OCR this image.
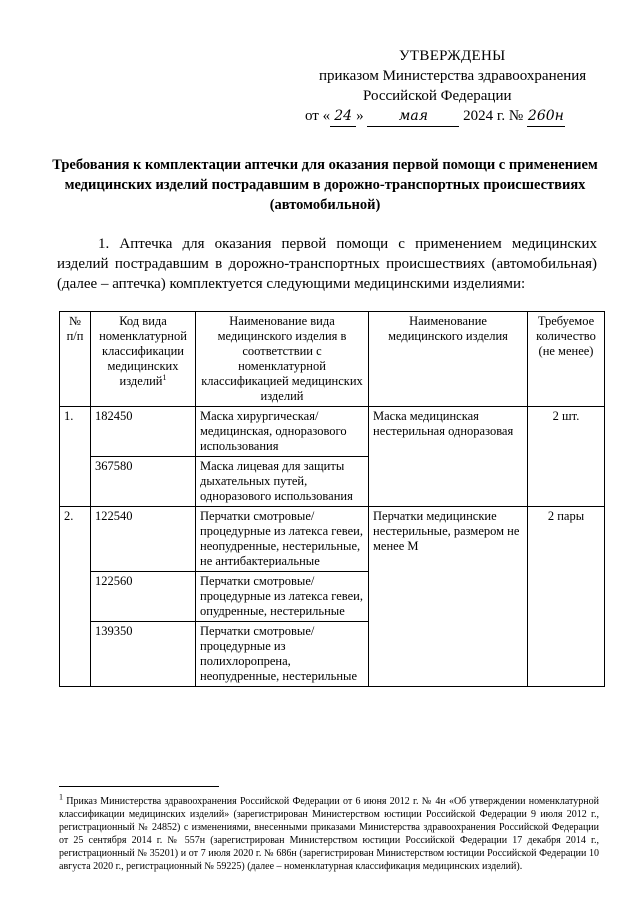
УТВЕРЖДЕНЫ
приказом Министерства здравоохранения
Российской Федерации
от « 24 »	мая 2024 г. № 260н
Требования к комплектации аптечки для оказания первой помощи с применением медицинских изделий пострадавшим в дорожно-транспортных происшествиях (автомобильной)
1. Аптечка для оказания первой помощи с применением медицинских изделий пострадавшим в дорожно-транспортных происшествиях (автомобильная) (далее – аптечка) комплектуется следующими медицинскими изделиями:
№ п/п	Код вида номенклатурной классификации медицинских изделий$^1$	Наименование вида медицинского изделия в соответствии с номенклатурной классификацией медицинских изделий	Наименование медицинского изделия	Требуемое количество (не менее)
1.	182450	Маска хирургическая/ медицинская, одноразового использования	Маска медицинская нестерильная одноразовая	2 шт.
	367580	Маска лицевая для защиты дыхательных путей, одноразового использования		
2.	122540	Перчатки смотровые/ процедурные из латекса гевеи, неопудренные, нестерильные, не антибактериальные	Перчатки медицинские нестерильные, размером не менее М	2 пары
	122560	Перчатки смотровые/ процедурные из латекса гевеи, опудренные, нестерильные		
	139350	Перчатки смотровые/ процедурные из полихлоропрена, неопудренные, нестерильные		
$^1$ Приказ Министерства здравоохранения Российской Федерации от 6 июня 2012 г. № 4н «Об утверждении номенклатурной классификации медицинских изделий» (зарегистрирован Министерством юстиции Российской Федерации 9 июля 2012 г., регистрационный № 24852) с изменениями, внесенными приказами Министерства здравоохранения Российской Федерации от 25 сентября 2014 г. № 557н (зарегистрирован Министерством юстиции Российской Федерации 17 декабря 2014 г., регистрационный № 35201) и от 7 июля 2020 г. № 686н (зарегистрирован Министерством юстиции Российской Федерации 10 августа 2020 г., регистрационный № 59225) (далее – номенклатурная классификация медицинских изделий).
